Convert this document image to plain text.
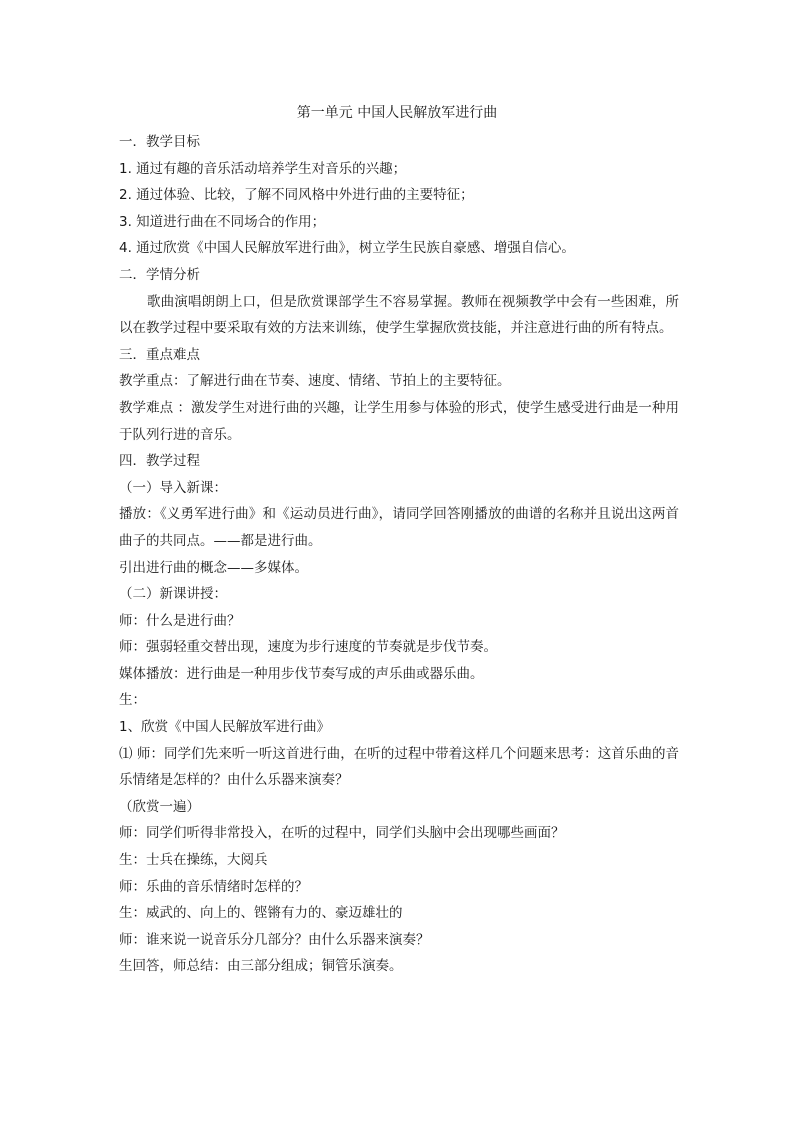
第一单元 中国人民解放军进行曲

一．教学目标

1. 通过有趣的音乐活动培养学生对音乐的兴趣；

2. 通过体验、比较，了解不同风格中外进行曲的主要特征；

3. 知道进行曲在不同场合的作用；

4. 通过欣赏《中国人民解放军进行曲》，树立学生民族自豪感、增强自信心。

二．学情分析

歌曲演唱朗朗上口，但是欣赏课部学生不容易掌握。教师在视频教学中会有一些困难，所以在教学过程中要采取有效的方法来训练，使学生掌握欣赏技能，并注意进行曲的所有特点。

三．重点难点

教学重点：了解进行曲在节奏、速度、情绪、节拍上的主要特征。

教学难点 ：激发学生对进行曲的兴趣，让学生用参与体验的形式，使学生感受进行曲是一种用于队列行进的音乐。

四．教学过程

（一）导入新课：

播放：《义勇军进行曲》和《运动员进行曲》，请同学回答刚播放的曲谱的名称并且说出这两首曲子的共同点。——都是进行曲。

引出进行曲的概念——多媒体。

（二）新课讲授：

师：什么是进行曲？

师：强弱轻重交替出现，速度为步行速度的节奏就是步伐节奏。

媒体播放：进行曲是一种用步伐节奏写成的声乐曲或器乐曲。

生：

1、欣赏《中国人民解放军进行曲》

⑴ 师：同学们先来听一听这首进行曲，在听的过程中带着这样几个问题来思考：这首乐曲的音乐情绪是怎样的？由什么乐器来演奏？

（欣赏一遍）

师：同学们听得非常投入，在听的过程中，同学们头脑中会出现哪些画面？

生：士兵在操练，大阅兵

师：乐曲的音乐情绪时怎样的？

生：威武的、向上的、铿锵有力的、豪迈雄壮的

师：谁来说一说音乐分几部分？由什么乐器来演奏？

生回答，师总结：由三部分组成；铜管乐演奏。
